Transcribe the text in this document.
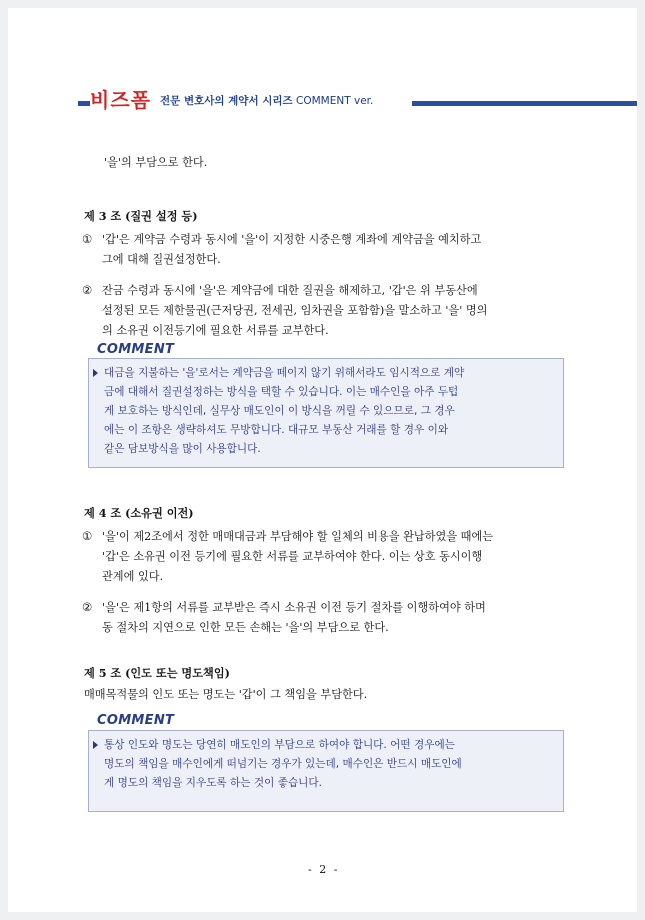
비즈폼 전문 변호사의 계약서 시리즈 COMMENT ver.
'을'의 부담으로 한다.
제 3 조 (질권 설정 등)
① '갑'은 계약금 수령과 동시에 '을'이 지정한 시중은행 계좌에 계약금을 예치하고
그에 대해 질권설정한다.
② 잔금 수령과 동시에 '을'은 계약금에 대한 질권을 해제하고, '갑'은 위 부동산에
설정된 모든 제한물권(근저당권, 전세권, 임차권을 포함함)을 말소하고 '을' 명의
의 소유권 이전등기에 필요한 서류를 교부한다.
COMMENT
대금을 지불하는 '을'로서는 계약금을 떼이지 않기 위해서라도 임시적으로 계약
금에 대해서 질권설정하는 방식을 택할 수 있습니다. 이는 매수인을 아주 두텁
게 보호하는 방식인데, 실무상 매도인이 이 방식을 꺼릴 수 있으므로, 그 경우
에는 이 조항은 생략하셔도 무방합니다. 대규모 부동산 거래를 할 경우 이와
같은 담보방식을 많이 사용합니다.
제 4 조 (소유권 이전)
① '을'이 제2조에서 정한 매매대금과 부담해야 할 일체의 비용을 완납하였을 때에는
'갑'은 소유권 이전 등기에 필요한 서류를 교부하여야 한다. 이는 상호 동시이행
관계에 있다.
② '을'은 제1항의 서류를 교부받은 즉시 소유권 이전 등기 절차를 이행하여야 하며
동 절차의 지연으로 인한 모든 손해는 '을'의 부담으로 한다.
제 5 조 (인도 또는 명도책임)
매매목적물의 인도 또는 명도는 '갑'이 그 책임을 부담한다.
COMMENT
통상 인도와 명도는 당연히 매도인의 부담으로 하여야 합니다. 어떤 경우에는
명도의 책임을 매수인에게 떠넘기는 경우가 있는데, 매수인은 반드시 매도인에
게 명도의 책임을 지우도록 하는 것이 좋습니다.
- 2 -
